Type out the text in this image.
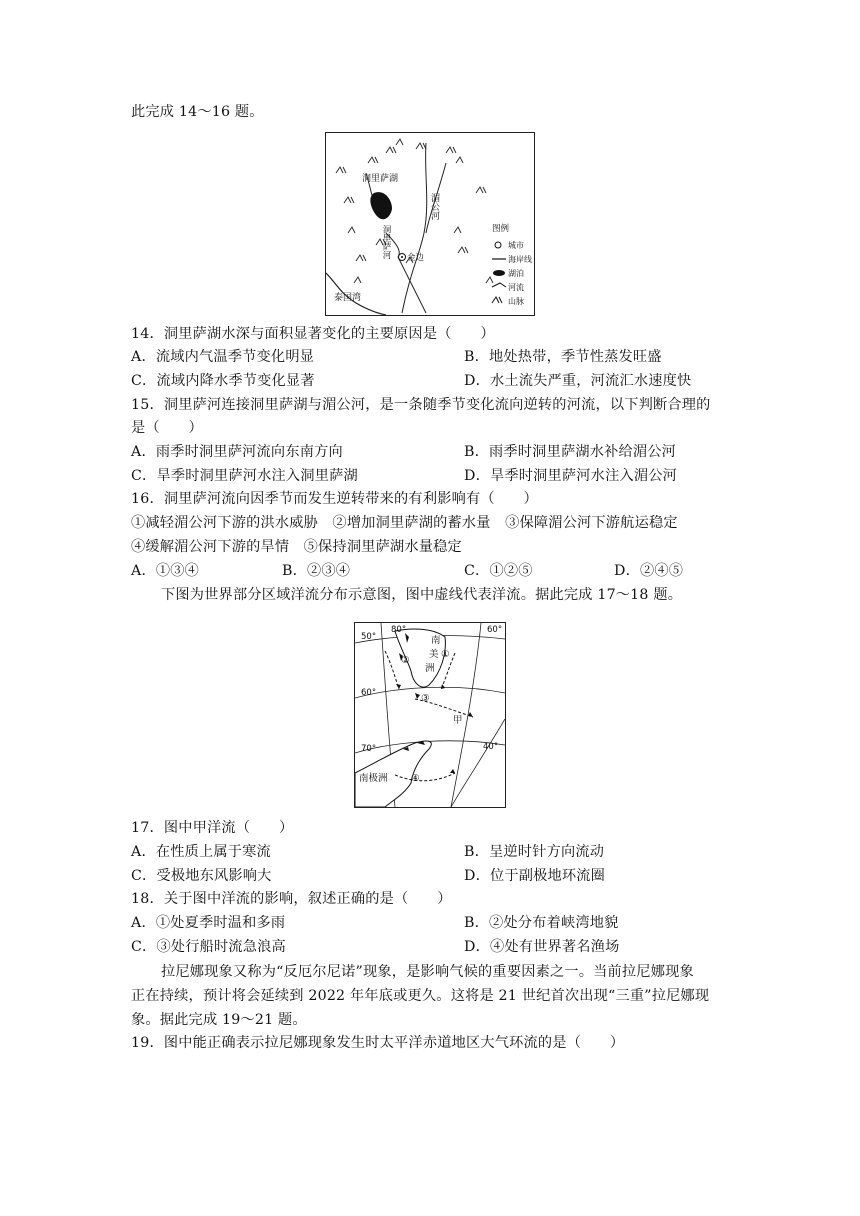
此完成 14～16 题。
洞里萨湖
洞里萨河
湄公河
金边
泰国湾
图例
城市
海岸线
湖泊
河流
山脉
14．洞里萨湖水深与面积显著变化的主要原因是（　　）
A．流域内气温季节变化明显	B．地处热带，季节性蒸发旺盛
C．流域内降水季节变化显著	D．水土流失严重，河流汇水速度快
15．洞里萨河连接洞里萨湖与湄公河，是一条随季节变化流向逆转的河流，以下判断合理的
是（　　）
A．雨季时洞里萨河流向东南方向	B．雨季时洞里萨湖水补给湄公河
C．旱季时洞里萨河水注入洞里萨湖	D．旱季时洞里萨河水注入湄公河
16．洞里萨河流向因季节而发生逆转带来的有利影响有（　　）
①减轻湄公河下游的洪水威胁　②增加洞里萨湖的蓄水量　③保障湄公河下游航运稳定
④缓解湄公河下游的旱情　⑤保持洞里萨湖水量稳定
A．①③④	B．②③④	C．①②⑤	D．②④⑤
下图为世界部分区域洋流分布示意图，图中虚线代表洋流。据此完成 17～18 题。
50°
60°
70°
80°	60°
40°
南
美 ①
②
洲
③
甲
南极洲 ④
17．图中甲洋流（　　）
A．在性质上属于寒流	B．呈逆时针方向流动
C．受极地东风影响大	D．位于副极地环流圈
18．关于图中洋流的影响，叙述正确的是（　　）
A．①处夏季时温和多雨	B．②处分布着峡湾地貌
C．③处行船时流急浪高	D．④处有世界著名渔场
拉尼娜现象又称为“反厄尔尼诺”现象，是影响气候的重要因素之一。当前拉尼娜现象
正在持续，预计将会延续到 2022 年年底或更久。这将是 21 世纪首次出现“三重”拉尼娜现
象。据此完成 19～21 题。
19．图中能正确表示拉尼娜现象发生时太平洋赤道地区大气环流的是（　　）
